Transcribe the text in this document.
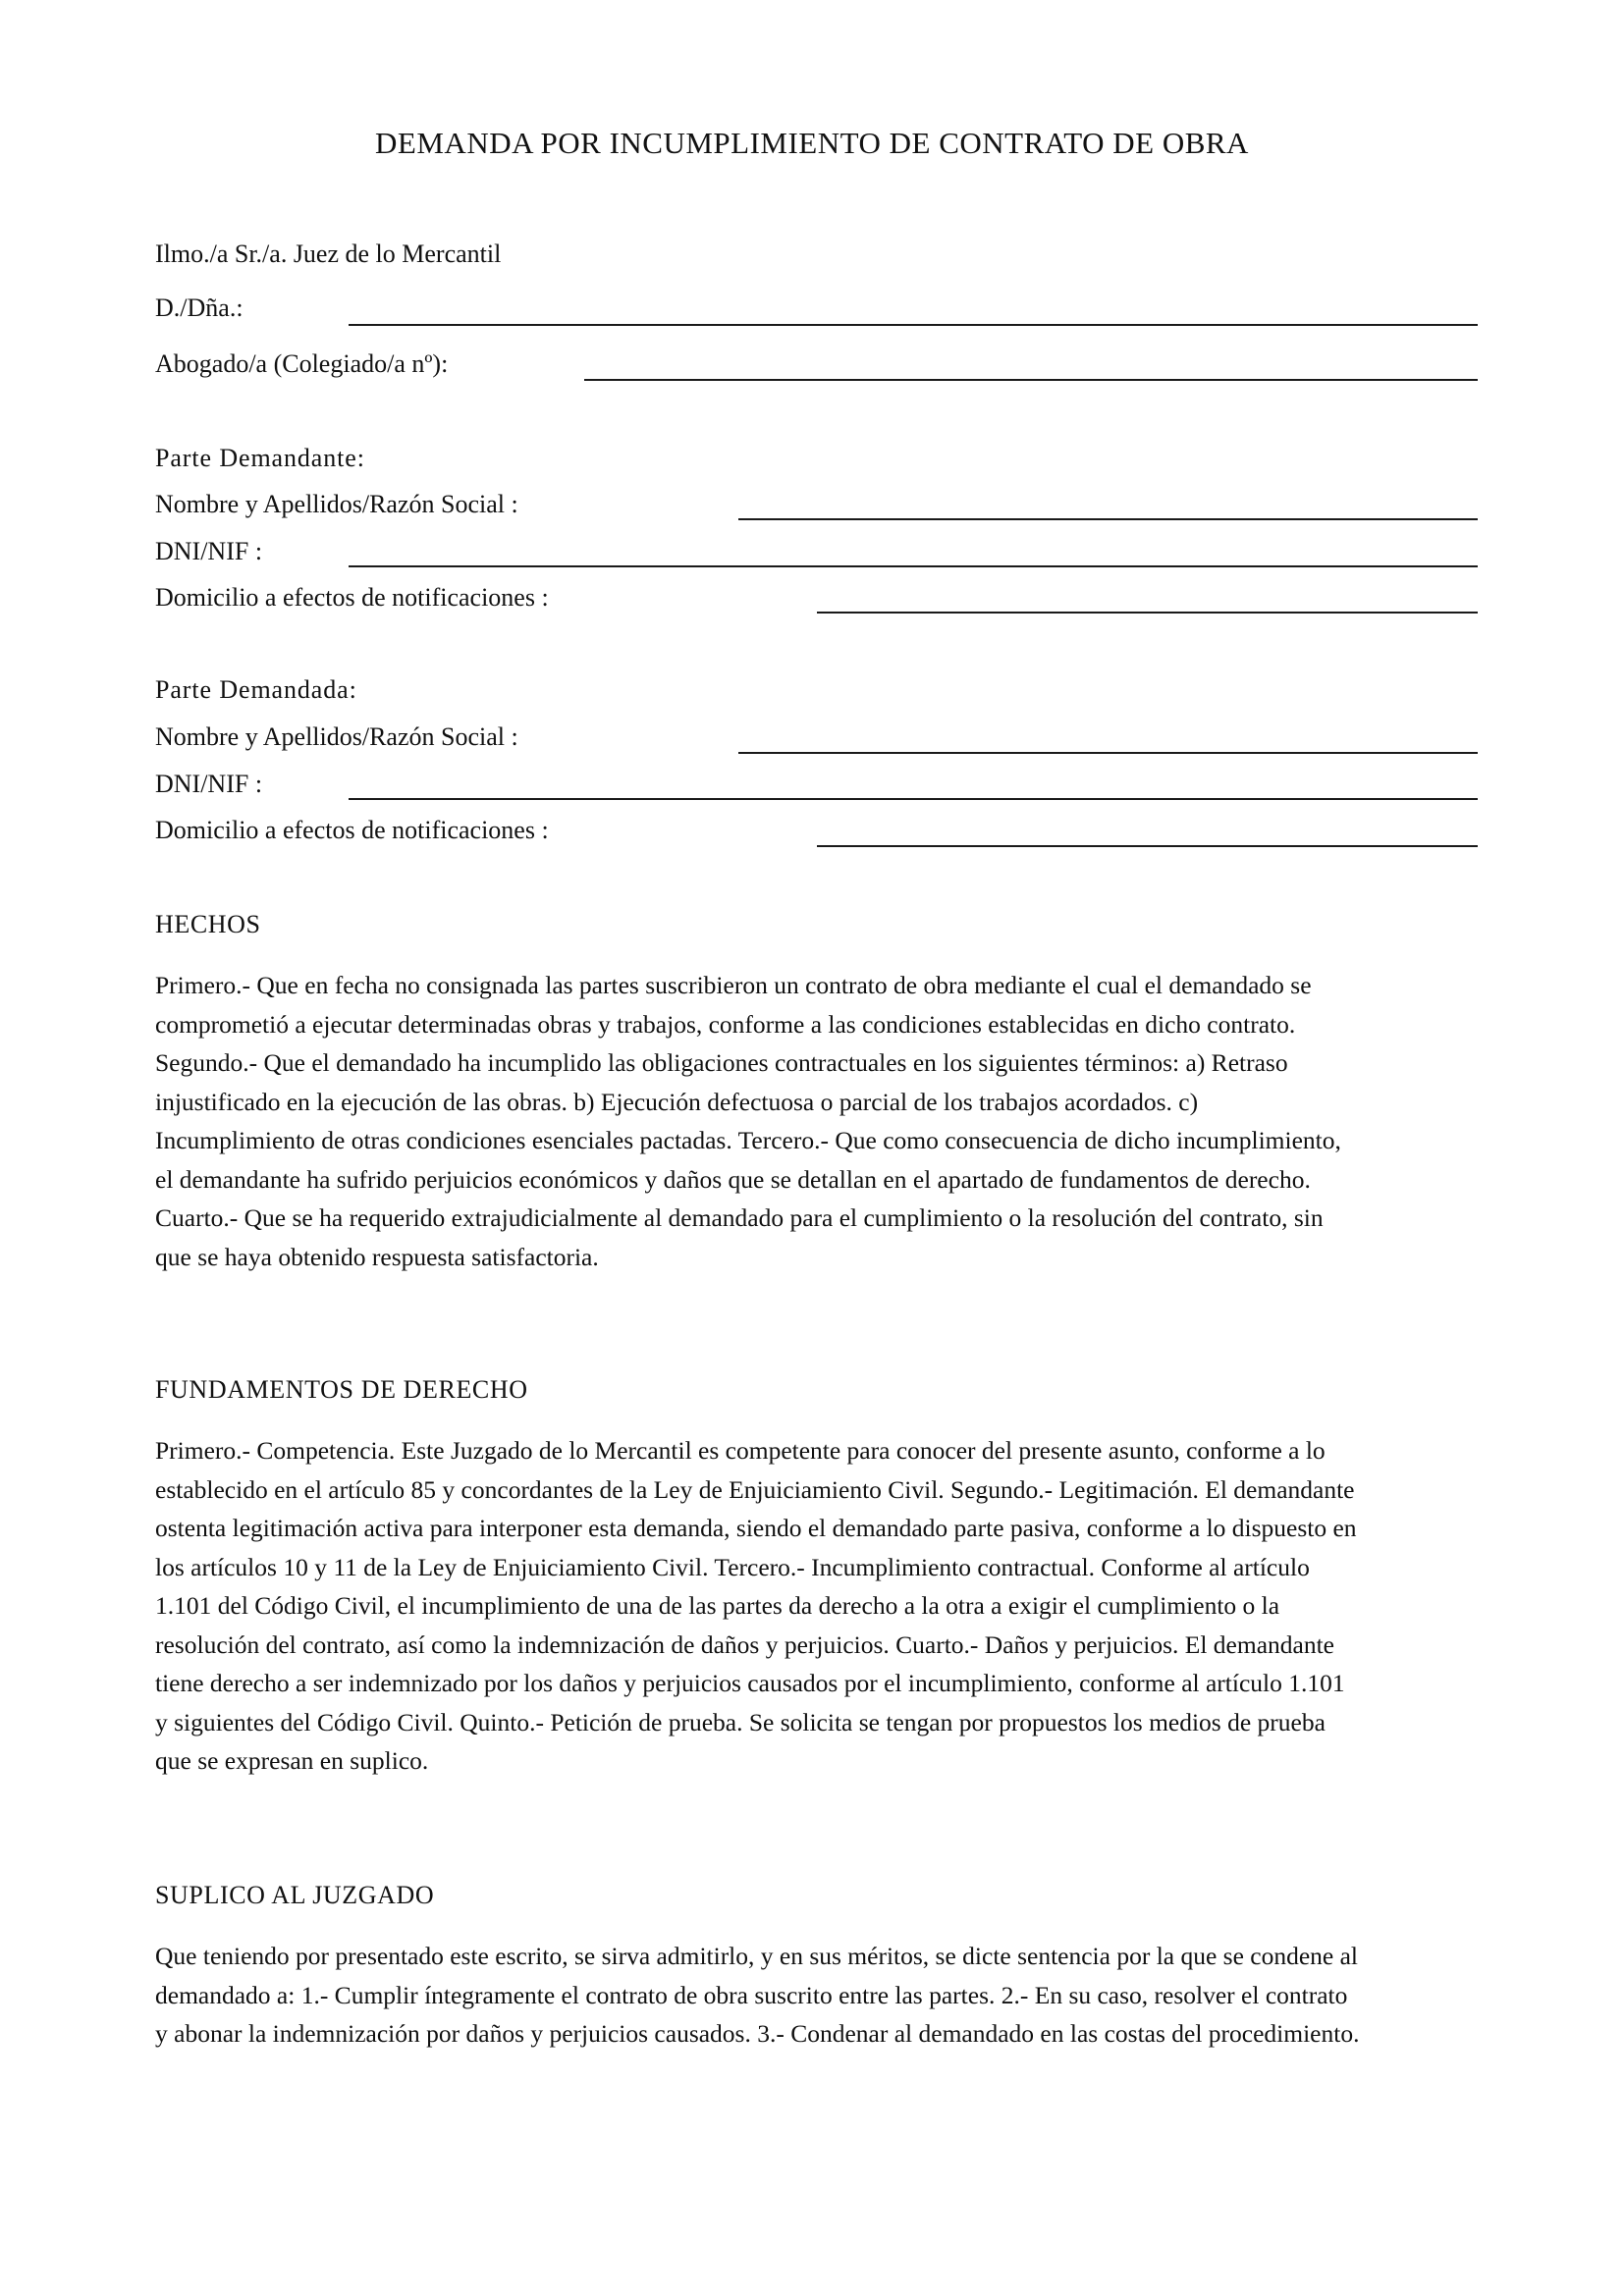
DEMANDA POR INCUMPLIMIENTO DE CONTRATO DE OBRA
Ilmo./a Sr./a. Juez de lo Mercantil
D./Dña.:
Abogado/a (Colegiado/a nº):
Parte Demandante:
Nombre y Apellidos/Razón Social :
DNI/NIF :
Domicilio a efectos de notificaciones :
Parte Demandada:
Nombre y Apellidos/Razón Social :
DNI/NIF :
Domicilio a efectos de notificaciones :
HECHOS
Primero.- Que en fecha no consignada las partes suscribieron un contrato de obra mediante el cual el demandado se
comprometió a ejecutar determinadas obras y trabajos, conforme a las condiciones establecidas en dicho contrato.
Segundo.- Que el demandado ha incumplido las obligaciones contractuales en los siguientes términos: a) Retraso
injustificado en la ejecución de las obras. b) Ejecución defectuosa o parcial de los trabajos acordados. c)
Incumplimiento de otras condiciones esenciales pactadas. Tercero.- Que como consecuencia de dicho incumplimiento,
el demandante ha sufrido perjuicios económicos y daños que se detallan en el apartado de fundamentos de derecho.
Cuarto.- Que se ha requerido extrajudicialmente al demandado para el cumplimiento o la resolución del contrato, sin
que se haya obtenido respuesta satisfactoria.
FUNDAMENTOS DE DERECHO
Primero.- Competencia. Este Juzgado de lo Mercantil es competente para conocer del presente asunto, conforme a lo
establecido en el artículo 85 y concordantes de la Ley de Enjuiciamiento Civil. Segundo.- Legitimación. El demandante
ostenta legitimación activa para interponer esta demanda, siendo el demandado parte pasiva, conforme a lo dispuesto en
los artículos 10 y 11 de la Ley de Enjuiciamiento Civil. Tercero.- Incumplimiento contractual. Conforme al artículo
1.101 del Código Civil, el incumplimiento de una de las partes da derecho a la otra a exigir el cumplimiento o la
resolución del contrato, así como la indemnización de daños y perjuicios. Cuarto.- Daños y perjuicios. El demandante
tiene derecho a ser indemnizado por los daños y perjuicios causados por el incumplimiento, conforme al artículo 1.101
y siguientes del Código Civil. Quinto.- Petición de prueba. Se solicita se tengan por propuestos los medios de prueba
que se expresan en suplico.
SUPLICO AL JUZGADO
Que teniendo por presentado este escrito, se sirva admitirlo, y en sus méritos, se dicte sentencia por la que se condene al
demandado a: 1.- Cumplir íntegramente el contrato de obra suscrito entre las partes. 2.- En su caso, resolver el contrato
y abonar la indemnización por daños y perjuicios causados. 3.- Condenar al demandado en las costas del procedimiento.
